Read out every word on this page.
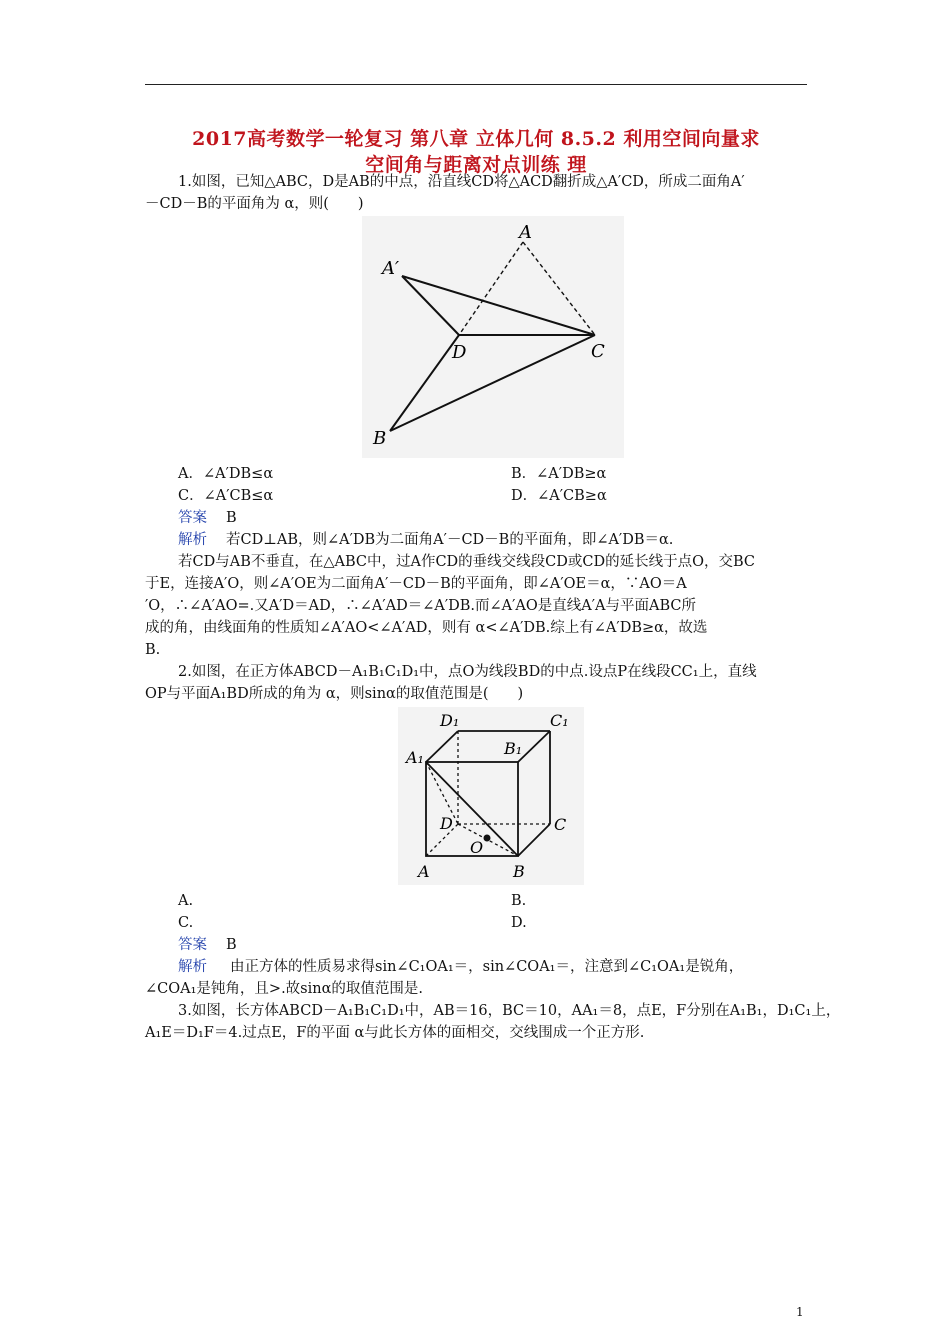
2017高考数学一轮复习 第八章 立体几何 8.5.2 利用空间向量求
空间角与距离对点训练 理
1.如图，已知△ABC，D是AB的中点，沿直线CD将△ACD翻折成△A′CD，所成二面角A′
－CD－B的平面角为 α，则(　　)
A
A′
D	C
B
A．∠A′DB≤α	B．∠A′DB≥α
C．∠A′CB≤α	D．∠A′CB≥α
答案 B
解析 若CD⊥AB，则∠A′DB为二面角A′－CD－B的平面角，即∠A′DB＝α.
若CD与AB不垂直，在△ABC中，过A作CD的垂线交线段CD或CD的延长线于点O，交BC
于E，连接A′O，则∠A′OE为二面角A′－CD－B的平面角，即∠A′OE＝α，∵AO＝A
′O，∴∠A′AO=.又A′D＝AD，∴∠A′AD＝∠A′DB.而∠A′AO是直线A′A与平面ABC所
成的角，由线面角的性质知∠A′AO<∠A′AD，则有 α<∠A′DB.综上有∠A′DB≥α，故选
B.
2.如图，在正方体ABCD－A₁B₁C₁D₁中，点O为线段BD的中点.设点P在线段CC₁上，直线
OP与平面A₁BD所成的角为 α，则sinα的取值范围是(　　)
D₁	C₁
B₁
A₁
D	C
O
A	B
A.	B.
C.	D.
答案 B
解析 由正方体的性质易求得sin∠C₁OA₁＝，sin∠COA₁＝，注意到∠C₁OA₁是锐角，
∠COA₁是钝角，且>.故sinα的取值范围是.
3.如图，长方体ABCD－A₁B₁C₁D₁中，AB＝16，BC＝10，AA₁＝8，点E，F分别在A₁B₁，D₁C₁上，
A₁E＝D₁F＝4.过点E，F的平面 α与此长方体的面相交，交线围成一个正方形.
1
